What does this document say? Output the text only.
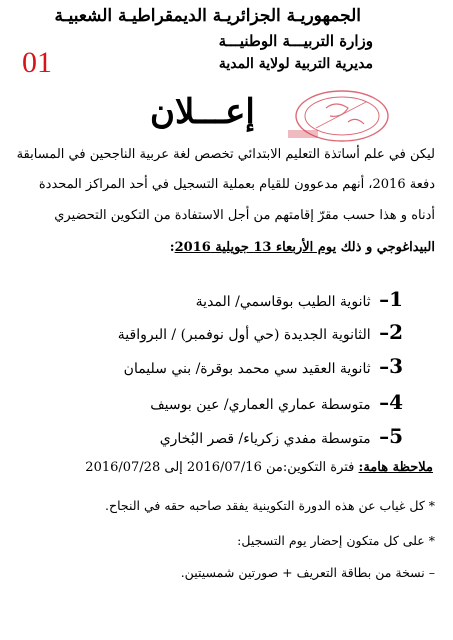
الجمهوريـة الجزائريـة الديمقراطيـة الشعبيـة
وزارة التربيـــة الوطنيـــة
مديرية التربية لولاية المدية
01
إعـــلان
ليكن في علم أساتذة التعليم الابتدائي تخصص لغة عربية الناجحين في المسابقة
دفعة 2016، أنهم مدعوون للقيام بعملية التسجيل في أحد المراكز المحددة
أدناه و هذا حسب مقرّ إقامتهم من أجل الاستفادة من التكوين التحضيري
البيداغوجي و ذلك يوم الأربعاء 13 جويلية 2016:
1– ثانوية الطيب بوقاسمي/ المدية
2– الثانوية الجديدة (حي أول نوفمبر) / البرواقية
3– ثانوية العقيد سي محمد بوقرة/ بني سليمان
4– متوسطة عماري العماري/ عين بوسيف
5– متوسطة مفدي زكرياء/ قصر البُخاري
ملاحظة هامة: فترة التكوين:من 2016/07/16 إلى 2016/07/28
* كل غياب عن هذه الدورة التكوينية يفقد صاحبه حقه في النجاح.
* على كل متكون إحضار يوم التسجيل:
– نسخة من بطاقة التعريف + صورتين شمسيتين.
